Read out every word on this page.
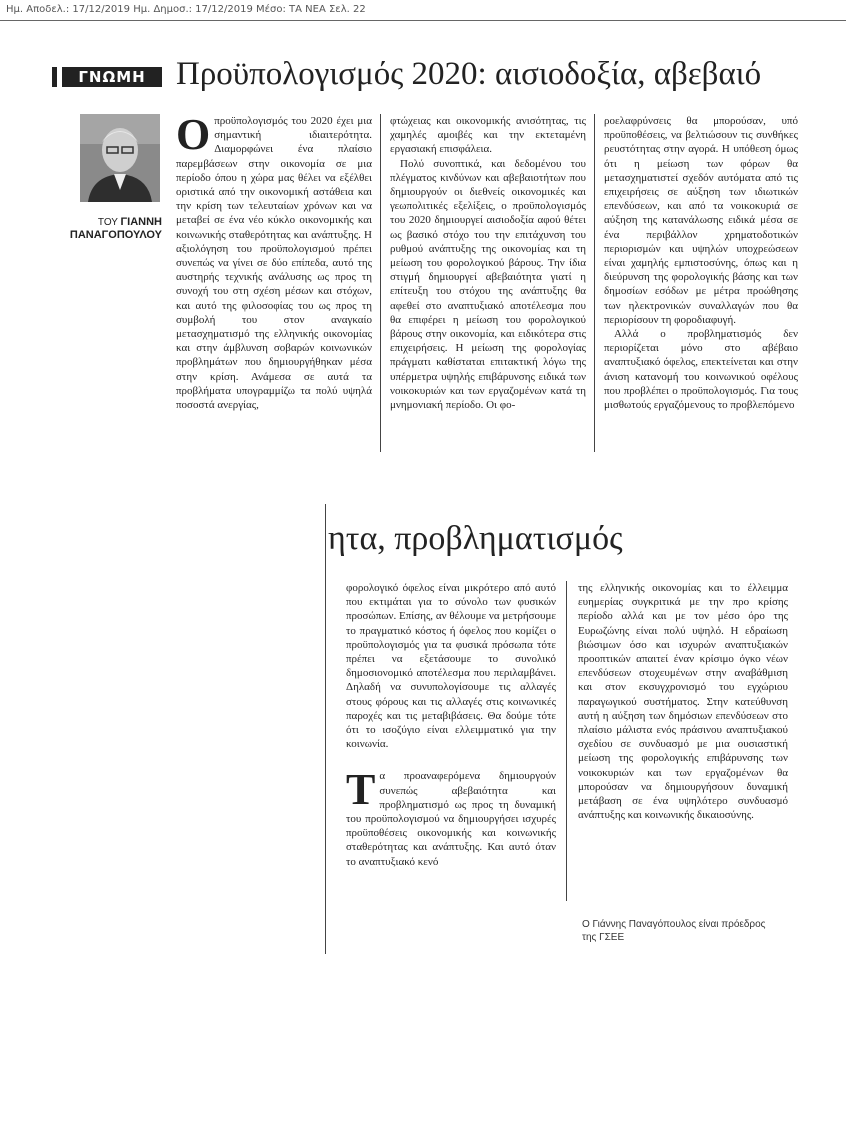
Ημ. Αποδελ.: 17/12/2019 Ημ. Δημοσ.: 17/12/2019 Μέσο: ΤΑ ΝΕΑ Σελ. 22
ΓΝΩΜΗ Προϋπολογισμός 2020: αισιοδοξία, αβεβαιό
ΤΟΥ ΓΙΑΝΝΗ
ΠΑΝΑΓΟΠΟΥΛΟΥ

Οπροϋπολογισμός του 2020 έχει μια σημαντική ιδιαιτερότητα. Διαμορφώνει ένα πλαίσιο παρεμβάσεων στην οικονομία σε μια περίοδο όπου η χώρα μας θέλει να εξέλθει οριστικά από την οικονομική αστάθεια και την κρίση των τελευταίων χρόνων και να μεταβεί σε ένα νέο κύκλο οικονομικής και κοινωνικής σταθερότητας και ανάπτυξης. Η αξιολόγηση του προϋπολογισμού πρέπει συνεπώς να γίνει σε δύο επίπεδα, αυτό της αυστηρής τεχνικής ανάλυσης ως προς τη συνοχή του στη σχέση μέσων και στόχων, και αυτό της φιλοσοφίας του ως προς τη συμβολή του στον αναγκαίο μετασχηματισμό της ελληνικής οικονομίας και στην άμβλυνση σοβαρών κοινωνικών προβλημάτων που δημιουργήθηκαν μέσα στην κρίση. Ανάμεσα σε αυτά τα προβλήματα υπογραμμίζω τα πολύ υψηλά ποσοστά ανεργίας,

φτώχειας και οικονομικής ανισότητας, τις χαμηλές αμοιβές και την εκτεταμένη εργασιακή επισφάλεια.

Πολύ συνοπτικά, και δεδομένου του πλέγματος κινδύνων και αβεβαιοτήτων που δημιουργούν οι διεθνείς οικονομικές και γεωπολιτικές εξελίξεις, ο προϋπολογισμός του 2020 δημιουργεί αισιοδοξία αφού θέτει ως βασικό στόχο του την επιτάχυνση του ρυθμού ανάπτυξης της οικονομίας και τη μείωση του φορολογικού βάρους. Την ίδια στιγμή δημιουργεί αβεβαιότητα γιατί η επίτευξη του στόχου της ανάπτυξης θα αφεθεί στο αναπτυξιακό αποτέλεσμα που θα επιφέρει η μείωση του φορολογικού βάρους στην οικονομία, και ειδικότερα στις επιχειρήσεις. Η μείωση της φορολογίας πράγματι καθίσταται επιτακτική λόγω της υπέρμετρα υψηλής επιβάρυνσης ειδικά των νοικοκυριών και των εργαζομένων κατά τη μνημονιακή περίοδο. Οι φο-

ρoελαφρύνσεις θα μπορούσαν, υπό προϋποθέσεις, να βελτιώσουν τις συνθήκες ρευστότητας στην αγορά. Η υπόθεση όμως ότι η μείωση των φόρων θα μετασχηματιστεί σχεδόν αυτόματα από τις επιχειρήσεις σε αύξηση των ιδιωτικών επενδύσεων, και από τα νοικοκυριά σε αύξηση της κατανάλωσης ειδικά μέσα σε ένα περιβάλλον χρηματοδοτικών περιορισμών και υψηλών υποχρεώσεων είναι χαμηλής εμπιστοσύνης, όπως και η διεύρυνση της φορολογικής βάσης και των δημοσίων εσόδων με μέτρα προώθησης των ηλεκτρονικών συναλλαγών που θα περιορίσουν τη φοροδιαφυγή.

Αλλά ο προβληματισμός δεν περιορίζεται μόνο στο αβέβαιο αναπτυξιακό όφελος, επεκτείνεται και στην άνιση κατανομή του κοινωνικού οφέλους που προβλέπει ο προϋπολογισμός. Για τους μισθωτούς εργαζόμενους το προβλεπόμενο

ητα, προβληματισμός

φορολογικό όφελος είναι μικρότερο από αυτό που εκτιμάται για το σύνολο των φυσικών προσώπων. Επίσης, αν θέλουμε να μετρήσουμε το πραγματικό κόστος ή όφελος που κομίζει ο προϋπολογισμός για τα φυσικά πρόσωπα τότε πρέπει να εξετάσουμε το συνολικό δημοσιονομικό αποτέλεσμα που περιλαμβάνει. Δηλαδή να συνυπολογίσουμε τις αλλαγές στους φόρους και τις αλλαγές στις κοινωνικές παροχές και τις μεταβιβάσεις. Θα δούμε τότε ότι το ισοζύγιο είναι ελλειμματικό για την κοινωνία.

Τα προαναφερόμενα δημιουργούν συνεπώς αβεβαιότητα και προβληματισμό ως προς τη δυναμική του προϋπολογισμού να δημιουργήσει ισχυρές προϋποθέσεις οικονομικής και κοινωνικής σταθερότητας και ανάπτυξης. Και αυτό όταν το αναπτυξιακό κενό

της ελληνικής οικονομίας και το έλλειμμα ευημερίας συγκριτικά με την προ κρίσης περίοδο αλλά και με τον μέσο όρο της Ευρωζώνης είναι πολύ υψηλό. Η εδραίωση βιώσιμων όσο και ισχυρών αναπτυξιακών προοπτικών απαιτεί έναν κρίσιμο όγκο νέων επενδύσεων στοχευμένων στην αναβάθμιση και στον εκσυγχρονισμό του εγχώριου παραγωγικού συστήματος. Στην κατεύθυνση αυτή η αύξηση των δημόσιων επενδύσεων στο πλαίσιο μάλιστα ενός πράσινου αναπτυξιακού σχεδίου σε συνδυασμό με μια ουσιαστική μείωση της φορολογικής επιβάρυνσης των νοικοκυριών και των εργαζομένων θα μπορούσαν να δημιουργήσουν δυναμική μετάβαση σε ένα υψηλότερο συνδυασμό ανάπτυξης και κοινωνικής δικαιοσύνης.

Ο Γιάννης Παναγόπουλος είναι πρόεδρος της ΓΣΕΕ
